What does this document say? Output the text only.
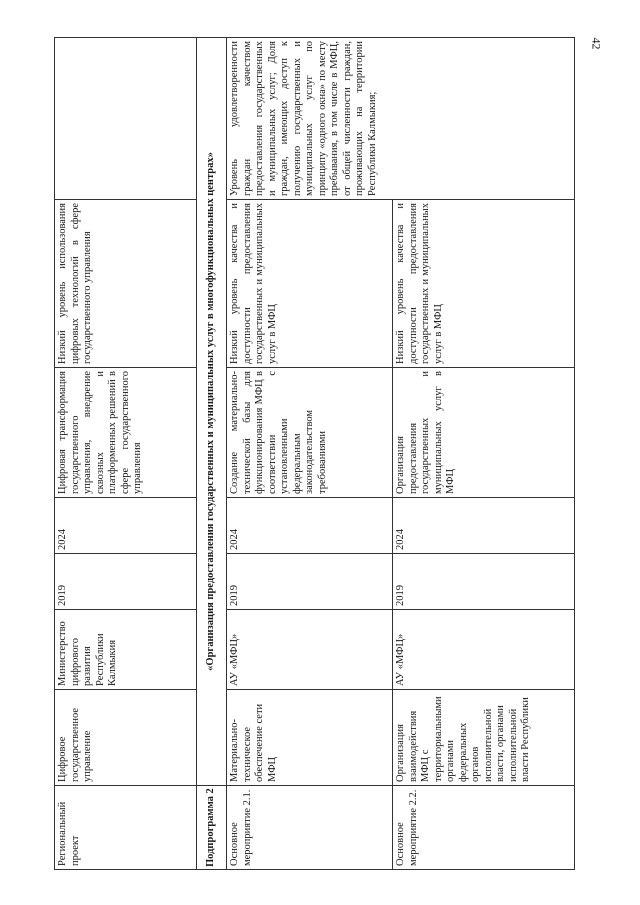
42
Региональный проект	Цифровое государственное управление	Министерство цифрового развития Республики Калмыкия	2019	2024	Цифровая трансформация государственного управления, внедрение сквозных и платформенных решений в сфере государственного управления	Низкий уровень использования цифровых технологий в сфере государственного управления	
Подпрограмма 2	«Организация предоставления государственных и муниципальных услуг в многофункциональных центрах»						
Основное мероприятие 2.1.	Материально-техническое обеспечение сети МФЦ	АУ «МФЦ»	2019	2024	Создание материально-технической базы для функционирования МФЦ в соответствии с установленными федеральным законодательством требованиями	Низкий уровень качества и доступности предоставления государственных и муниципальных услуг в МФЦ	Уровень удовлетворенности граждан качеством предоставления государственных и муниципальных услуг; Доля граждан, имеющих доступ к получению государственных и муниципальных услуг по принципу «одного окна» по месту пребывания, в том числе в МФЦ, от общей численности граждан, проживающих на территории Республики Калмыкия;
Основное мероприятие 2.2.	Организация взаимодействия МФЦ с территориальными органами федеральных органов исполнительной власти, органами исполнительной власти Республики	АУ «МФЦ»	2019	2024	Организация предоставления государственных и муниципальных услуг в МФЦ	Низкий уровень качества и доступности предоставления государственных и муниципальных услуг в МФЦ	
